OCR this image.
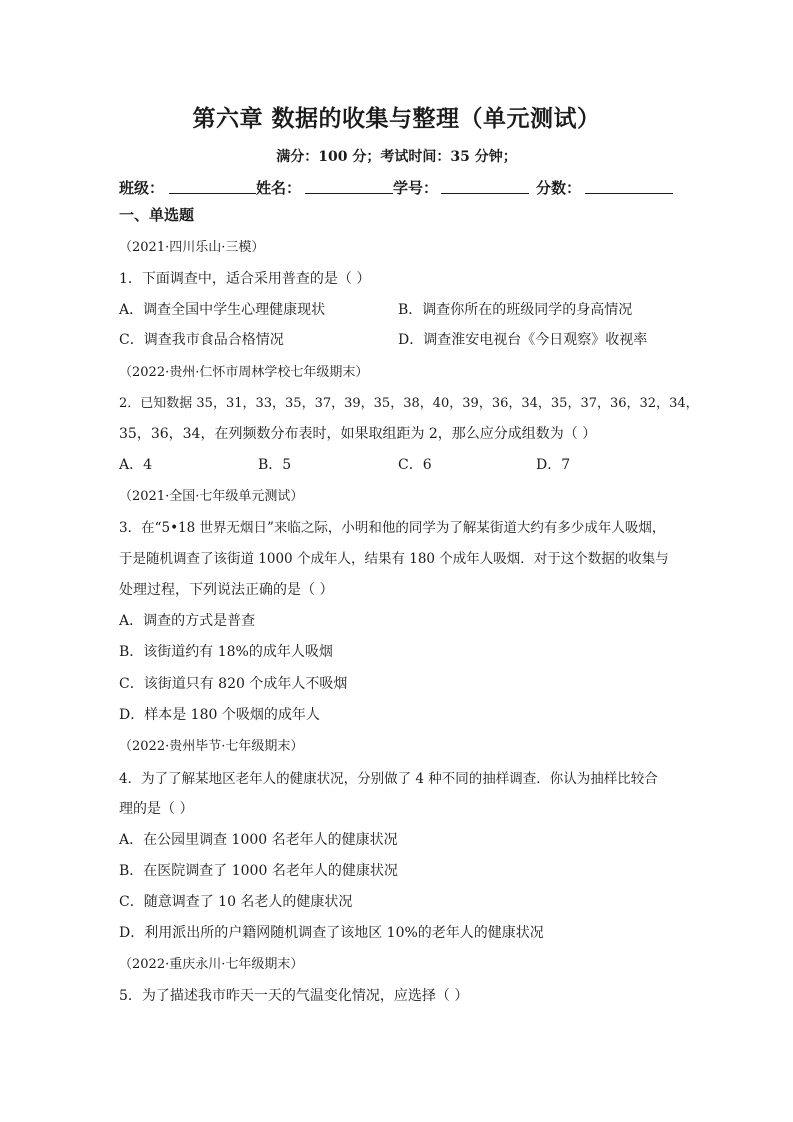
第六章 数据的收集与整理（单元测试）
满分：100 分；考试时间：35 分钟；
班级：	姓名：	学号：	分数：
一、单选题
（2021·四川乐山·三模）
1．下面调查中，适合采用普查的是（ ）
A．调查全国中学生心理健康现状	B．调查你所在的班级同学的身高情况
C．调查我市食品合格情况	D．调查淮安电视台《今日观察》收视率
（2022·贵州·仁怀市周林学校七年级期末）
2．已知数据 35，31，33，35，37，39，35，38，40，39，36，34，35，37，36，32，34，
35，36，34，在列频数分布表时，如果取组距为 2，那么应分成组数为（ ）
A．4	B．5	C．6	D．7
（2021·全国·七年级单元测试）
3．在“5•18 世界无烟日”来临之际，小明和他的同学为了解某街道大约有多少成年人吸烟，
于是随机调查了该街道 1000 个成年人，结果有 180 个成年人吸烟．对于这个数据的收集与
处理过程，下列说法正确的是（ ）
A．调查的方式是普查
B．该街道约有 18%的成年人吸烟
C．该街道只有 820 个成年人不吸烟
D．样本是 180 个吸烟的成年人
（2022·贵州毕节·七年级期末）
4．为了了解某地区老年人的健康状况，分别做了 4 种不同的抽样调查．你认为抽样比较合
理的是（ ）
A．在公园里调查 1000 名老年人的健康状况
B．在医院调查了 1000 名老年人的健康状况
C．随意调查了 10 名老人的健康状况
D．利用派出所的户籍网随机调查了该地区 10%的老年人的健康状况
（2022·重庆永川·七年级期末）
5．为了描述我市昨天一天的气温变化情况，应选择（ ）
